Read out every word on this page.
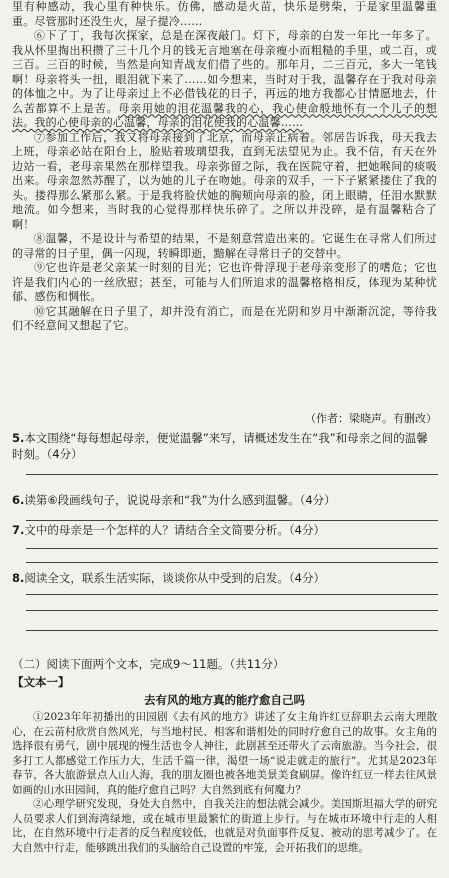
里有种感动，我心里有种快乐。仿佛，感动是火苗，快乐是劈柴，于是家里温馨重重。尽管那时还没生火，屋子提冷……

⑥下了丁，我每次探家，总是在深夜敲门。灯下，母亲的白发一年比一年多了。我从怀里掏出积攒了三十几个月的钱无言地塞在母亲瘦小而粗糙的手里，或二百，或三百。三百的时候，当然是向知青战友们借了些的。那年月，二三百元，多大一笔钱啊！母亲将头一扭，眼泪就下来了……如今想来，当时对于我，温馨存在于我对母亲的体恤之中。为了让母亲过上不必借钱花的日子，再远的地方我都心甘情愿地去，什么苦都算不上是苦。母亲用她的泪花温馨我的心，我心使命般地怀有一个儿子的想法。我的心使母亲的心温馨，母亲的泪花使我的心温馨……

⑦参加工作后，我又将母亲接到了北京，而母亲正病着。邻居告诉我，母天我去上班，母亲必站在阳台上，脸贴着玻璃望我，直到无法望见为止。我不信，有天在外边站一看，老母亲果然在那样望我。母亲弥留之际，我在医院守着，把她喉间的痰吸出来。母亲忽然苏醒了，以为她的儿子在吻她。母亲的双手，一下子紧紧搂住了我的头。搂得那么紧那么紧。于是我将脸伏她的胸颊向母亲的脸，闭上眼睛，任泪水默默地流。如今想来，当时我的心觉得那样快乐碎了。之所以并没碎，是有温馨粘合了啊！

⑧温馨，不是设计与希望的结果，不是刻意营造出来的。它诞生在寻常人们所过的寻常的日子里，偶一闪现，转瞬即逝，黯解在寻常日子的交替中。

⑨它也许是老父亲某一时刻的目光；它也许骨浮现于老母亲变形了的嗜危；它也许是我们内心的一丝欣慰；甚至，可能与人们所追求的温馨格格相反，体现为某种忧郁、感伤和惆怅。

⑩它其融解在日子里了，却并没有消亡，而是在光阴和岁月中渐渐沉淀，等待我们不经意间又想起了它。

（作者：梁晓声。有删改）
5.本文围绕“每每想起母亲，便觉温馨”来写，请概述发生在“我”和母亲之间的温馨时刻。（4分）
6.读第⑥段画线句子，说说母亲和“我”为什么感到温馨。（4分）
7.文中的母亲是一个怎样的人？请结合全文简要分析。（4分）
8.阅读全文，联系生活实际，谈谈你从中受到的启发。（4分）
（二）阅读下面两个文本，完成9～11题。（共11分）
【文本一】
去有风的地方真的能疗愈自己吗

①2023年年初播出的田园剧《去有风的地方》讲述了女主角许红豆辞职去云南大理散心，在云苗村欣赏自然风光，与当地村民、相客和谐相处的同时疗愈自己的故事。女主角的选择很有勇气，剧中展现的慢生活也令人神往，此剧甚至还带火了云南旅游。当今社会，很多打工人都感觉工作压力大，生活千篇一律，渴望一场“说走就走的旅行”。尤其是2023年春节，各大旅游景点人山人海，我的朋友圈也被各地美景美食刷屏。像许红豆一样去往风景如画的山水田园间，真的能疗愈自己吗？大自然到底有何魔力？

②心理学研究发现，身处大自然中，自我关注的想法就会减少。美国斯坦福大学的研究人员要求人们到海湾绿地，或在城市里最繁忙的街道上步行。与在城市环境中行走的人相比，在自然环境中行走者的反刍程度较低，也就是对负面事件反复、被动的思考减少了。在大自然中行走，能够跳出我们的头脑给自己设置的牢笼，会开拓我们的思维。
